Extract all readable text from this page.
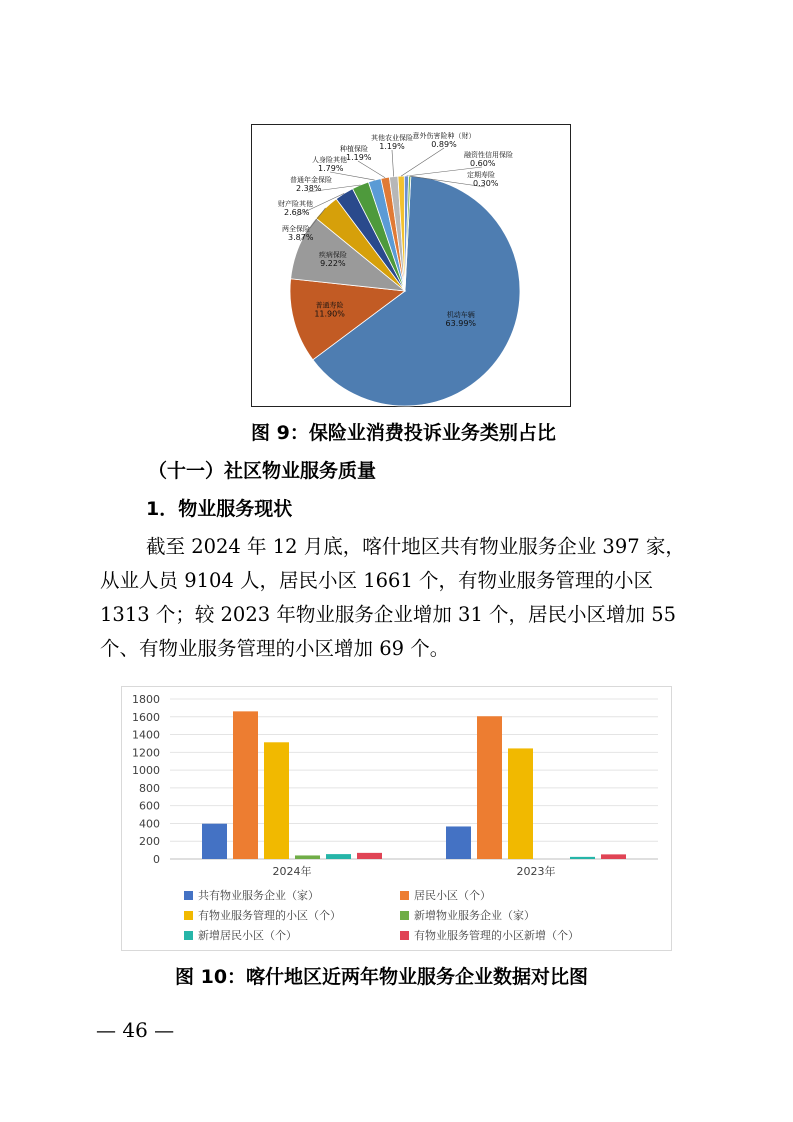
机动车辆
63.99%
普通寿险
11.90%
疾病保险
9.22%
两全保险
3.87%
财产险其他
2.68%
普通年金保险
2.38%
人身险其他
1.79%
种植保险
1.19%
其他农业保险
1.19%
意外伤害险种（财）
0.89%
融资性信用保险
0.60%
定期寿险
0.30%
图 9：保险业消费投诉业务类别占比
（十一）社区物业服务质量
1．物业服务现状
截至 2024 年 12 月底，喀什地区共有物业服务企业 397 家，
从业人员 9104 人，居民小区 1661 个，有物业服务管理的小区
1313 个；较 2023 年物业服务企业增加 31 个，居民小区增加 55
个、有物业服务管理的小区增加 69 个。
0
200
400
600
800
1000
1200
1400
1600
1800
2024年	2023年
共有物业服务企业（家）	居民小区（个）
有物业服务管理的小区（个）	新增物业服务企业（家）
新增居民小区（个）	有物业服务管理的小区新增（个）
图 10：喀什地区近两年物业服务企业数据对比图
— 46 —
